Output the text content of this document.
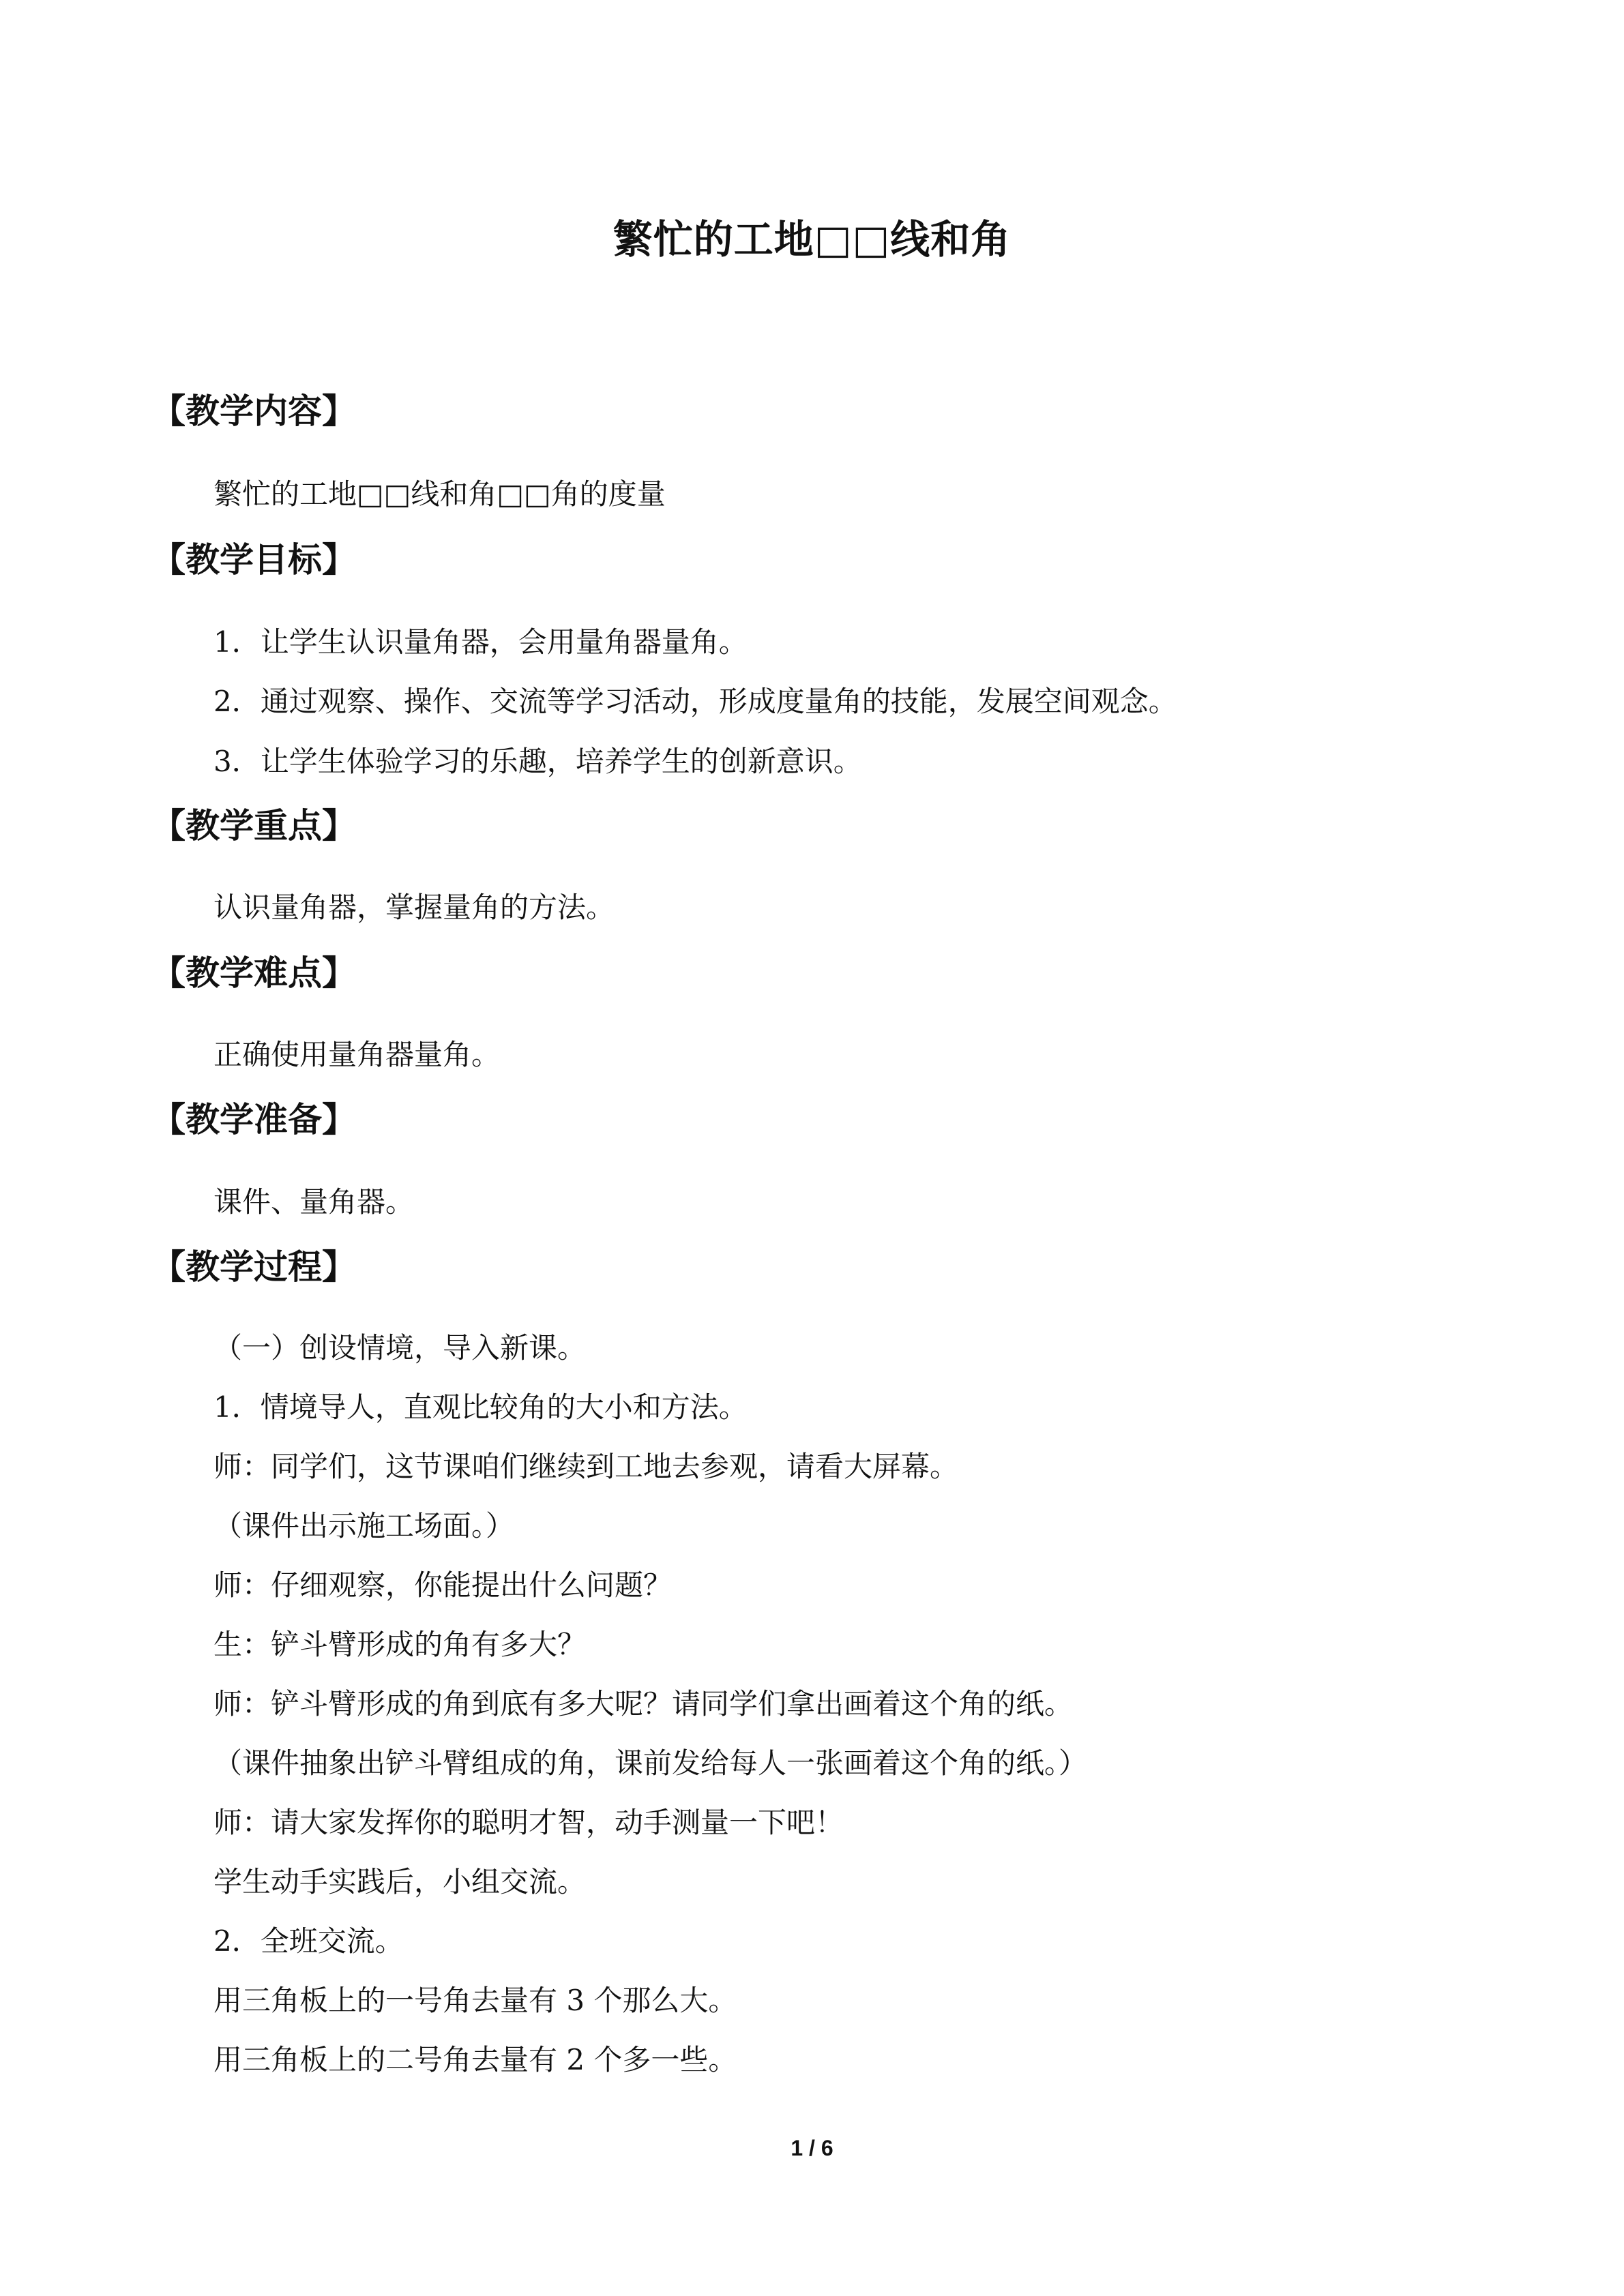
繁忙的工地□□线和角
【教学内容】
繁忙的工地□□线和角□□角的度量
【教学目标】
1．让学生认识量角器，会用量角器量角。
2．通过观察、操作、交流等学习活动，形成度量角的技能，发展空间观念。
3．让学生体验学习的乐趣，培养学生的创新意识。
【教学重点】
认识量角器，掌握量角的方法。
【教学难点】
正确使用量角器量角。
【教学准备】
课件、量角器。
【教学过程】
（一）创设情境，导入新课。
1．情境导人，直观比较角的大小和方法。
师：同学们，这节课咱们继续到工地去参观，请看大屏幕。
（课件出示施工场面。）
师：仔细观察，你能提出什么问题？
生：铲斗臂形成的角有多大？
师：铲斗臂形成的角到底有多大呢？请同学们拿出画着这个角的纸。
（课件抽象出铲斗臂组成的角，课前发给每人一张画着这个角的纸。）
师：请大家发挥你的聪明才智，动手测量一下吧！
学生动手实践后，小组交流。
2．全班交流。
用三角板上的一号角去量有 3 个那么大。
用三角板上的二号角去量有 2 个多一些。
1 / 6
